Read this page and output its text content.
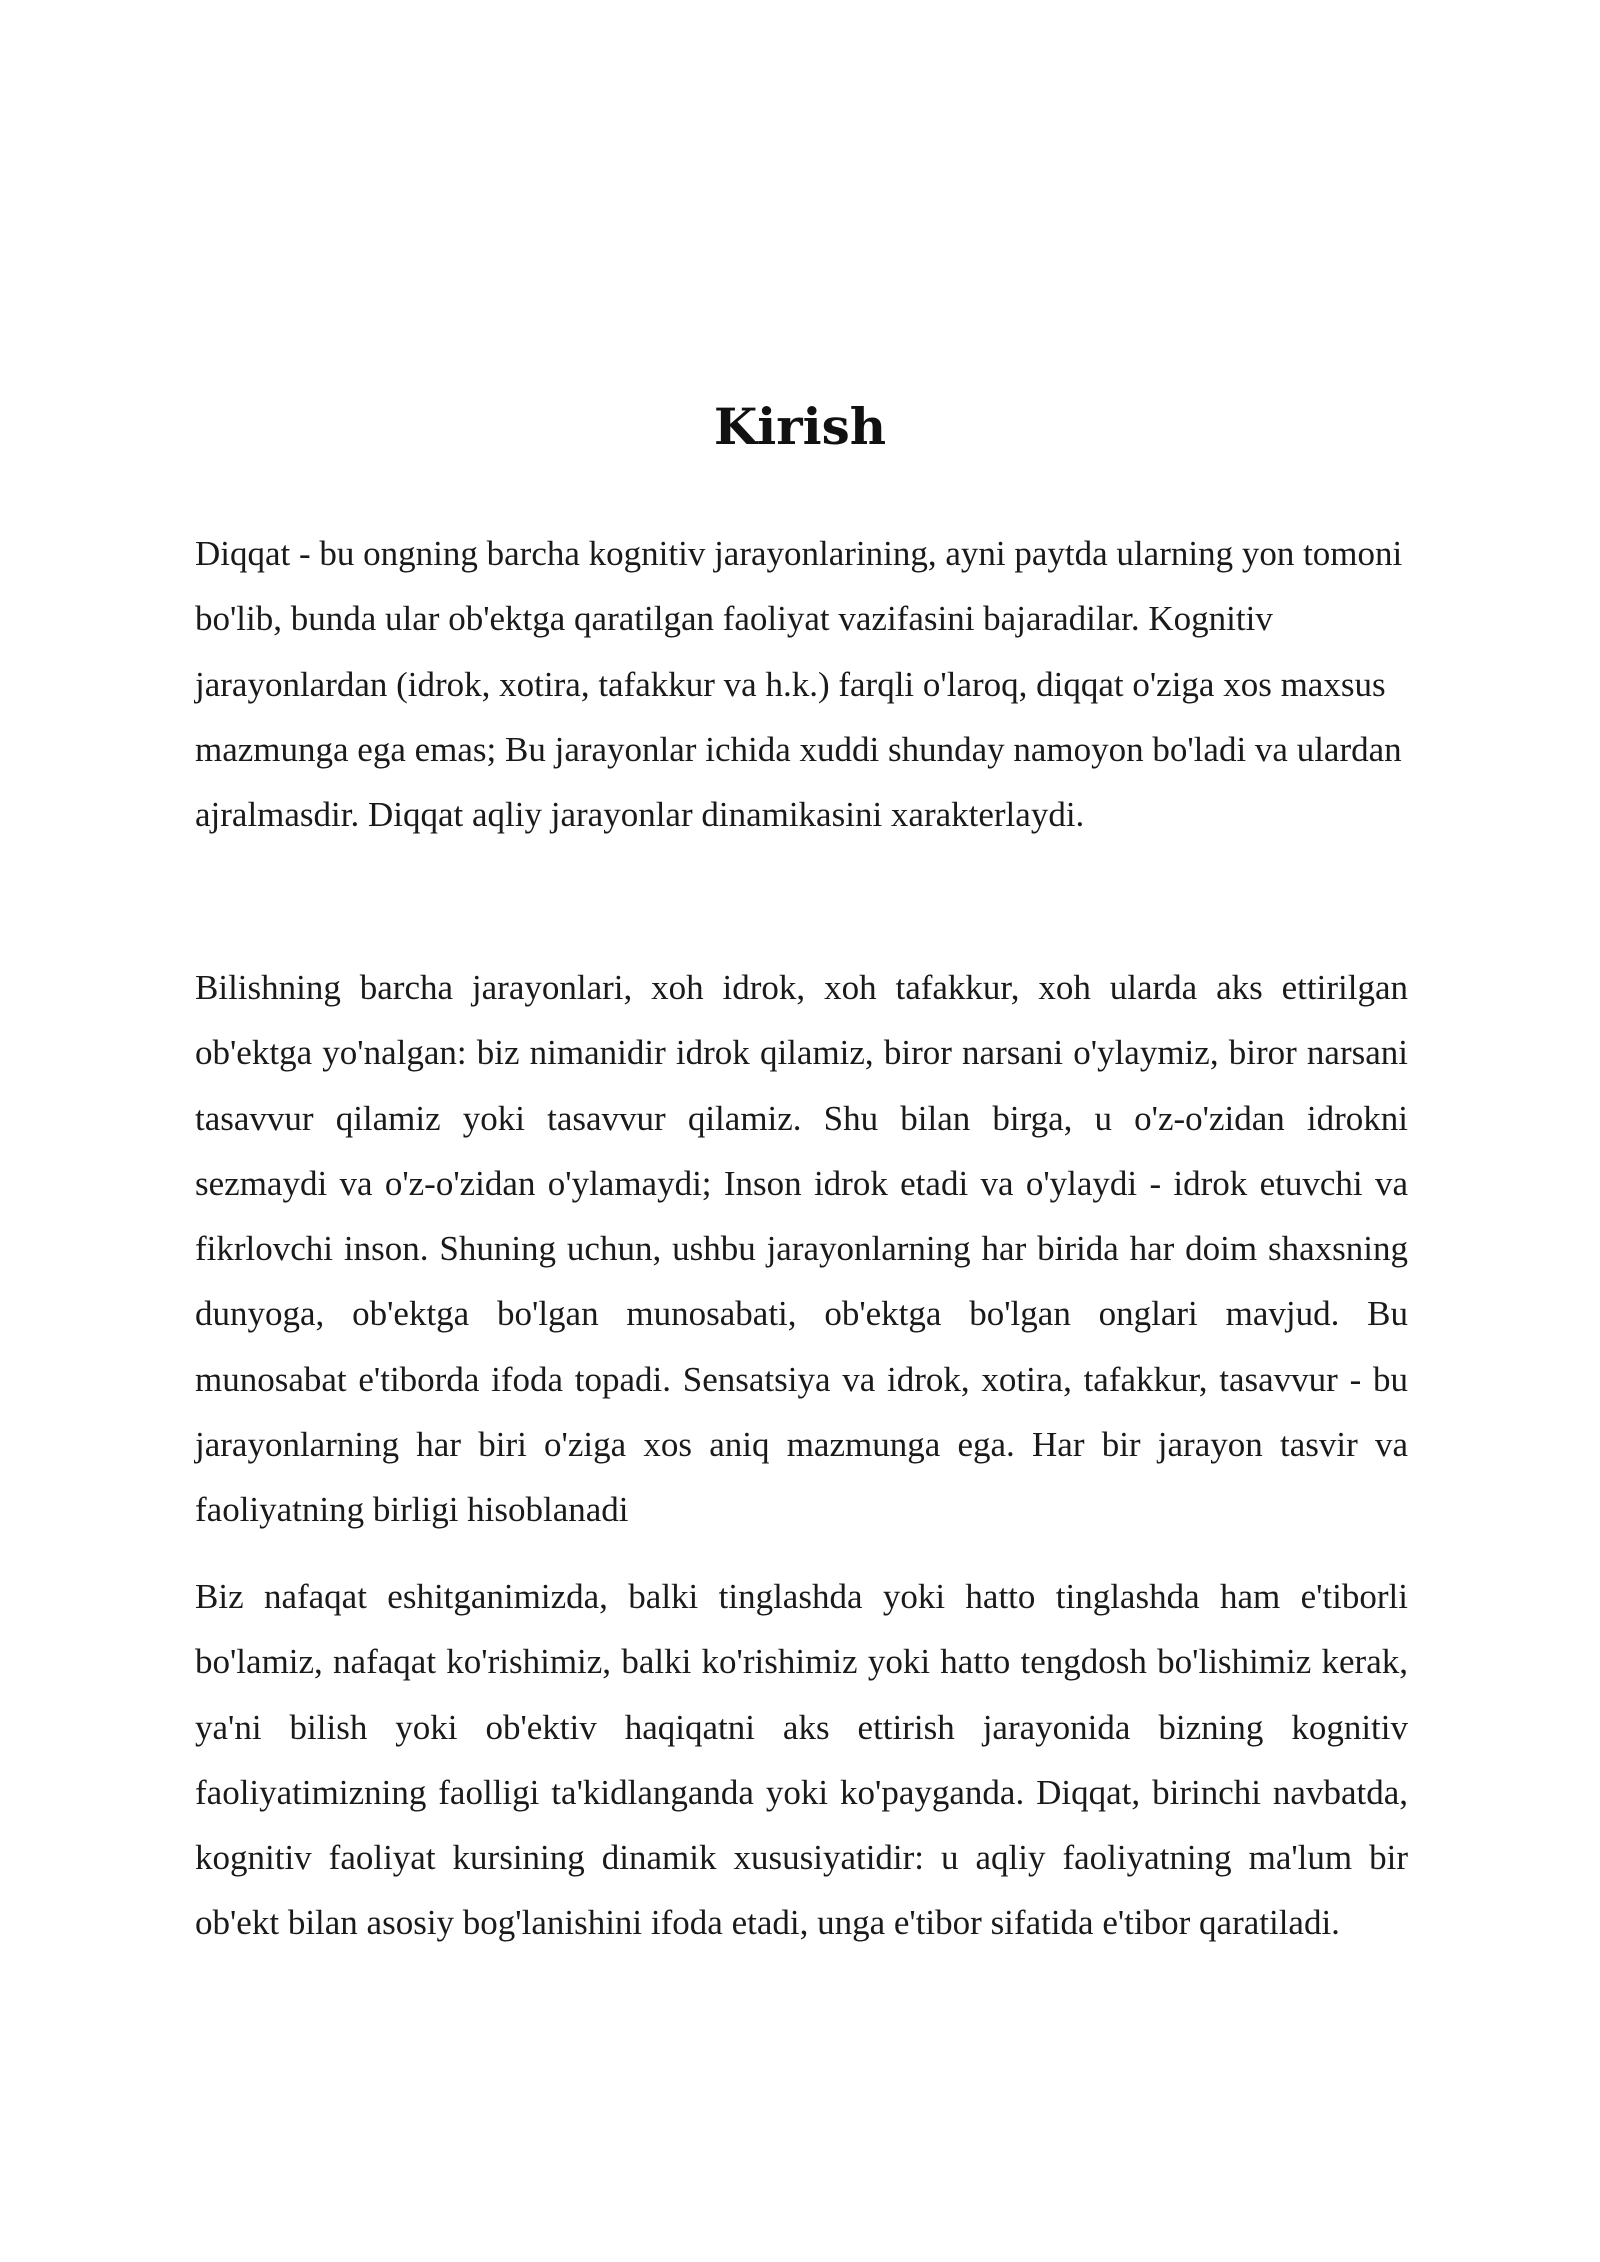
Kirish

Diqqat - bu ongning barcha kognitiv jarayonlarining, ayni paytda ularning yon tomoni bo'lib, bunda ular ob'ektga qaratilgan faoliyat vazifasini bajaradilar. Kognitiv jarayonlardan (idrok, xotira, tafakkur va h.k.) farqli o'laroq, diqqat o'ziga xos maxsus mazmunga ega emas; Bu jarayonlar ichida xuddi shunday namoyon bo'ladi va ulardan ajralmasdir. Diqqat aqliy jarayonlar dinamikasini xarakterlaydi.

Bilishning barcha jarayonlari, xoh idrok, xoh tafakkur, xoh ularda aks ettirilgan ob'ektga yo'nalgan: biz nimanidir idrok qilamiz, biror narsani o'ylaymiz, biror narsani tasavvur qilamiz yoki tasavvur qilamiz. Shu bilan birga, u o'z-o'zidan idrokni sezmaydi va o'z-o'zidan o'ylamaydi; Inson idrok etadi va o'ylaydi - idrok etuvchi va fikrlovchi inson. Shuning uchun, ushbu jarayonlarning har birida har doim shaxsning dunyoga, ob'ektga bo'lgan munosabati, ob'ektga bo'lgan onglari mavjud. Bu munosabat e'tiborda ifoda topadi. Sensatsiya va idrok, xotira, tafakkur, tasavvur - bu jarayonlarning har biri o'ziga xos aniq mazmunga ega. Har bir jarayon tasvir va faoliyatning birligi hisoblanadi

Biz nafaqat eshitganimizda, balki tinglashda yoki hatto tinglashda ham e'tiborli bo'lamiz, nafaqat ko'rishimiz, balki ko'rishimiz yoki hatto tengdosh bo'lishimiz kerak, ya'ni bilish yoki ob'ektiv haqiqatni aks ettirish jarayonida bizning kognitiv faoliyatimizning faolligi ta'kidlanganda yoki ko'payganda. Diqqat, birinchi navbatda, kognitiv faoliyat kursining dinamik xususiyatidir: u aqliy faoliyatning ma'lum bir ob'ekt bilan asosiy bog'lanishini ifoda etadi, unga e'tibor sifatida e'tibor qaratiladi.
